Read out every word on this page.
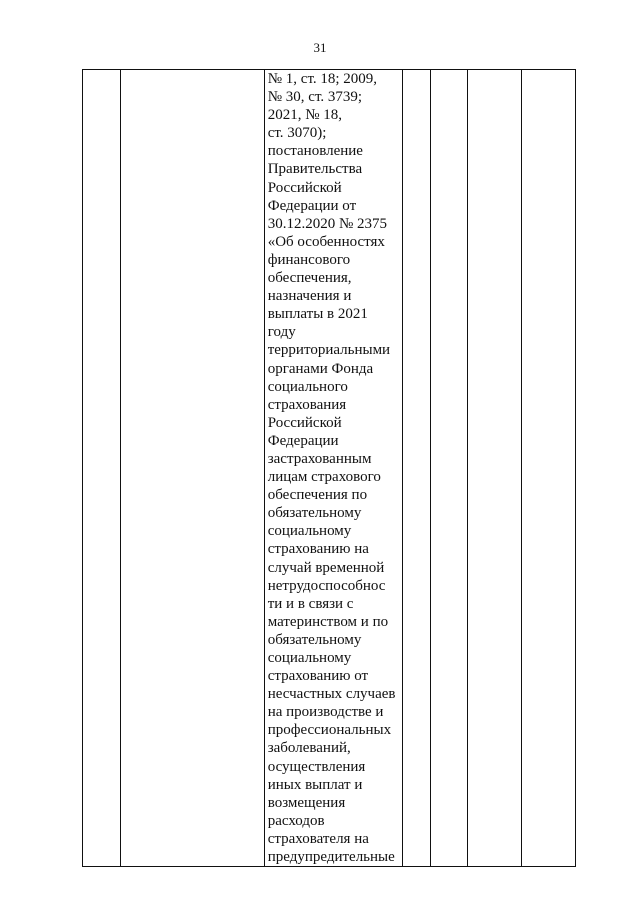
31

№ 1, ст. 18; 2009,
№ 30, ст. 3739;
2021, № 18,
ст. 3070);
постановление
Правительства
Российской
Федерации от
30.12.2020 № 2375
«Об особенностях
финансового
обеспечения,
назначения и
выплаты в 2021
году
территориальными
органами Фонда
социального
страхования
Российской
Федерации
застрахованным
лицам страхового
обеспечения по
обязательному
социальному
страхованию на
случай временной
нетрудоспособнос
ти и в связи с
материнством и по
обязательному
социальному
страхованию от
несчастных случаев
на производстве и
профессиональных
заболеваний,
осуществления
иных выплат и
возмещения
расходов
страхователя на
предупредительные
